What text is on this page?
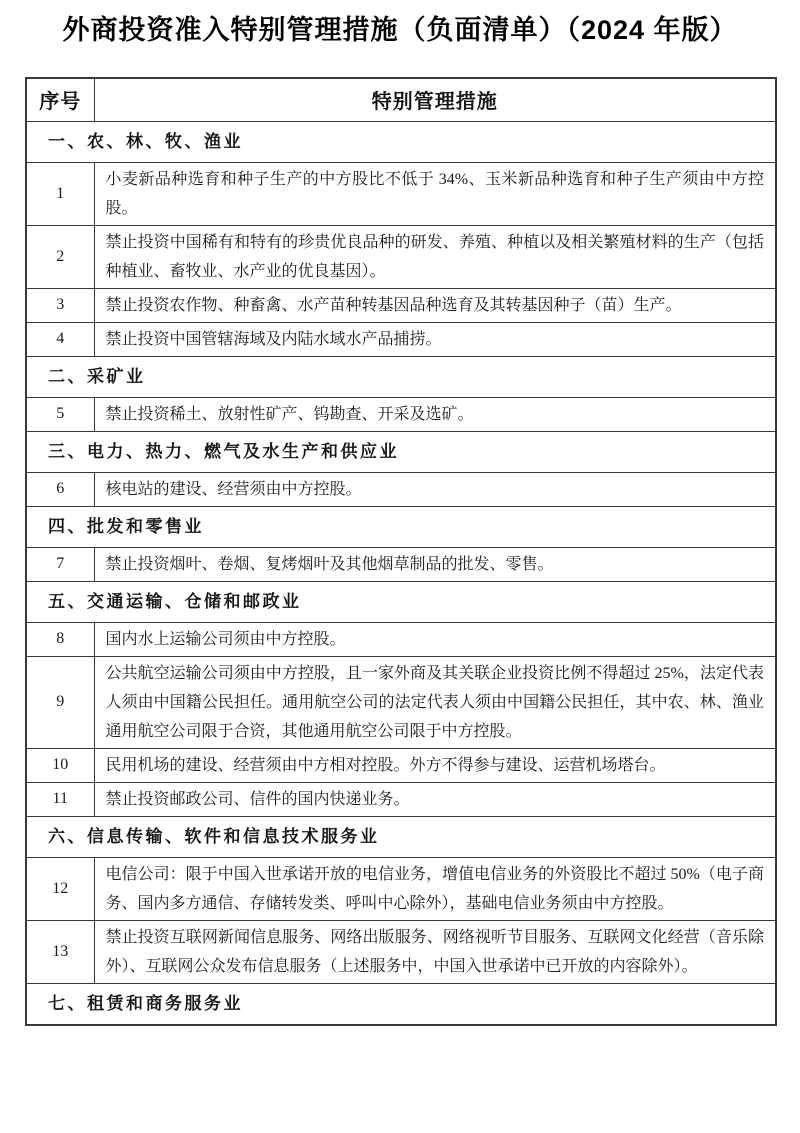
外商投资准入特别管理措施（负面清单）（2024 年版）
序号	特别管理措施
一、农、林、牧、渔业	
1	小麦新品种选育和种子生产的中方股比不低于 34%、玉米新品种选育和种子生产须由中方控股。
2	禁止投资中国稀有和特有的珍贵优良品种的研发、养殖、种植以及相关繁殖材料的生产（包括种植业、畜牧业、水产业的优良基因）。
3	禁止投资农作物、种畜禽、水产苗种转基因品种选育及其转基因种子（苗）生产。
4	禁止投资中国管辖海域及内陆水域水产品捕捞。
二、采矿业	
5	禁止投资稀土、放射性矿产、钨勘查、开采及选矿。
三、电力、热力、燃气及水生产和供应业	
6	核电站的建设、经营须由中方控股。
四、批发和零售业	
7	禁止投资烟叶、卷烟、复烤烟叶及其他烟草制品的批发、零售。
五、交通运输、仓储和邮政业	
8	国内水上运输公司须由中方控股。
9	公共航空运输公司须由中方控股，且一家外商及其关联企业投资比例不得超过 25%，法定代表人须由中国籍公民担任。通用航空公司的法定代表人须由中国籍公民担任，其中农、林、渔业通用航空公司限于合资，其他通用航空公司限于中方控股。
10	民用机场的建设、经营须由中方相对控股。外方不得参与建设、运营机场塔台。
11	禁止投资邮政公司、信件的国内快递业务。
六、信息传输、软件和信息技术服务业	
12	电信公司：限于中国入世承诺开放的电信业务，增值电信业务的外资股比不超过 50%（电子商务、国内多方通信、存储转发类、呼叫中心除外），基础电信业务须由中方控股。
13	禁止投资互联网新闻信息服务、网络出版服务、网络视听节目服务、互联网文化经营（音乐除外）、互联网公众发布信息服务（上述服务中，中国入世承诺中已开放的内容除外）。
七、租赁和商务服务业	
